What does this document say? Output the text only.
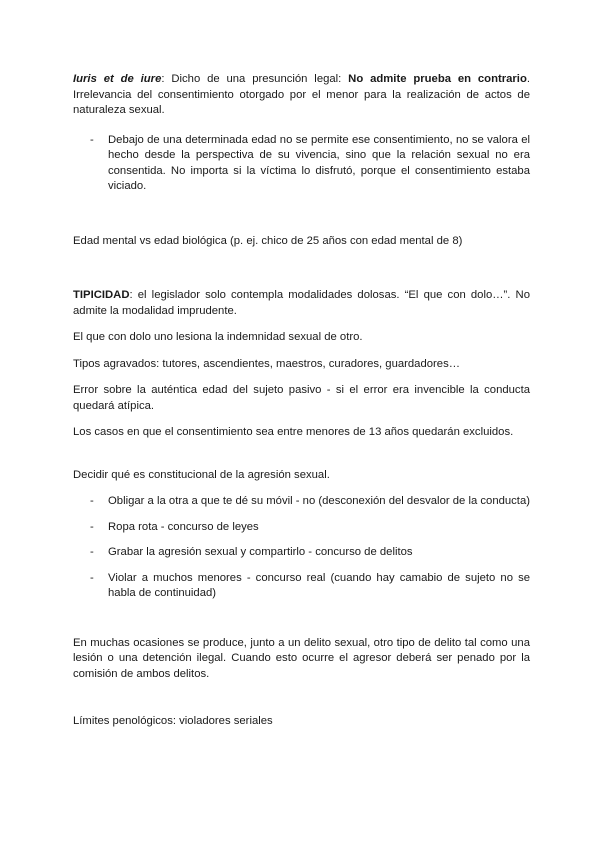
Iuris et de iure: Dicho de una presunción legal: No admite prueba en contrario. Irrelevancia del consentimiento otorgado por el menor para la realización de actos de naturaleza sexual.

- Debajo de una determinada edad no se permite ese consentimiento, no se valora el hecho desde la perspectiva de su vivencia, sino que la relación sexual no era consentida. No importa si la víctima lo disfrutó, porque el consentimiento estaba viciado.

Edad mental vs edad biológica (p. ej. chico de 25 años con edad mental de 8)

TIPICIDAD: el legislador solo contempla modalidades dolosas. “El que con dolo…”. No admite la modalidad imprudente.

El que con dolo uno lesiona la indemnidad sexual de otro.

Tipos agravados: tutores, ascendientes, maestros, curadores, guardadores…

Error sobre la auténtica edad del sujeto pasivo - si el error era invencible la conducta quedará atípica.

Los casos en que el consentimiento sea entre menores de 13 años quedarán excluidos.

Decidir qué es constitucional de la agresión sexual.

- Obligar a la otra a que te dé su móvil - no (desconexión del desvalor de la conducta)
- Ropa rota - concurso de leyes
- Grabar la agresión sexual y compartirlo - concurso de delitos
- Violar a muchos menores - concurso real (cuando hay camabio de sujeto no se habla de continuidad)

En muchas ocasiones se produce, junto a un delito sexual, otro tipo de delito tal como una lesión o una detención ilegal. Cuando esto ocurre el agresor deberá ser penado por la comisión de ambos delitos.

Límites penológicos: violadores seriales
